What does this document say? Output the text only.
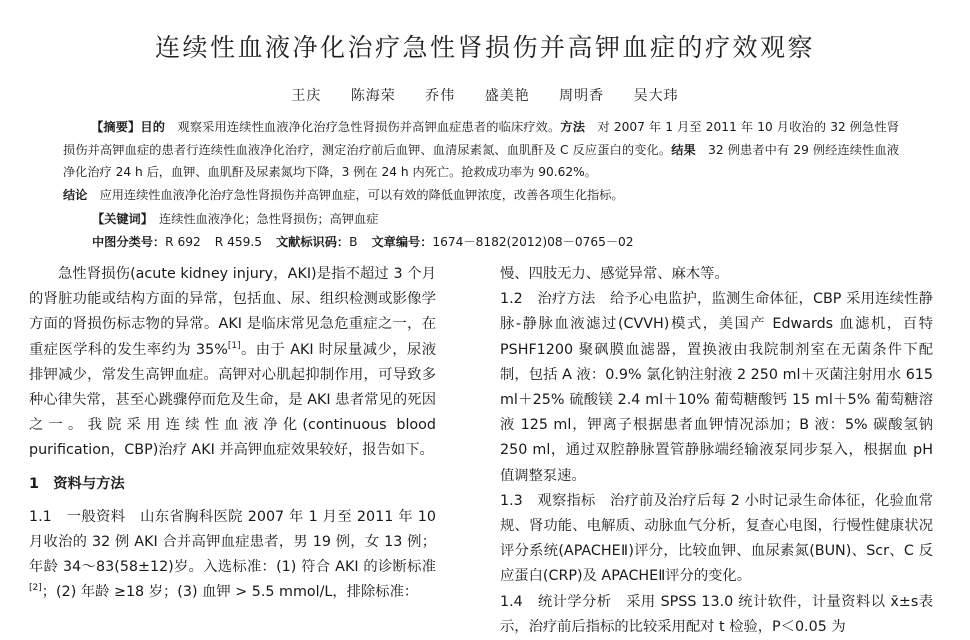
连续性血液净化治疗急性肾损伤并高钾血症的疗效观察
王庆 陈海荣 乔伟 盛美艳 周明香 吴大玮

【摘要】目的　 观察采用连续性血液净化治疗急性肾损伤并高钾血症患者的临床疗效。方法　 对 2007 年 1 月至 2011 年 10 月收治的 32 例急性肾损伤并高钾血症的患者行连续性血液净化治疗，测定治疗前后血钾、血清尿素氮、血肌酐及 C 反应蛋白的变化。结果　 32 例患者中有 29 例经连续性血液净化治疗 24 h 后，血钾、血肌酐及尿素氮均下降，3 例在 24 h 内死亡。抢救成功率为 90.62%。
结论　 应用连续性血液净化治疗急性肾损伤并高钾血症，可以有效的降低血钾浓度，改善各项生化指标。

【关键词】　 连续性血液净化；急性肾损伤；高钾血症
中图分类号：R 692 R 459.5 文献标识码：B 文章编号：1674－8182(2012)08－0765－02

急性肾损伤(acute kidney injury，AKI)是指不超过 3 个月的肾脏功能或结构方面的异常，包括血、尿、组织检测或影像学方面的肾损伤标志物的异常。AKI 是临床常见急危重症之一，在重症医学科的发生率约为 35%[1]。由于 AKI 时尿量减少，尿液排钾减少，常发生高钾血症。高钾对心肌起抑制作用，可导致多种心律失常，甚至心跳骤停而危及生命，是 AKI 患者常见的死因之一。我院采用连续性血液净化(continuous blood purification，CBP)治疗 AKI 并高钾血症效果较好，报告如下。

1　资料与方法

1.1　一般资料　山东省胸科医院 2007 年 1 月至 2011 年 10 月收治的 32 例 AKI 合并高钾血症患者，男 19 例，女 13 例；年龄 34～83(58±12)岁。入选标准：(1) 符合 AKI 的诊断标准[2]；(2) 年龄 ≥18 岁；(3) 血钾 > 5.5 mmol/L，排除标准：

慢、四肢无力、感觉异常、麻木等。

1.2　治疗方法　给予心电监护，监测生命体征，CBP 采用连续性静脉-静脉血液滤过(CVVH)模式，美国产 Edwards 血滤机，百特 PSHF1200 聚砜膜血滤器，置换液由我院制剂室在无菌条件下配制，包括 A 液：0.9% 氯化钠注射液 2 250 ml＋灭菌注射用水 615 ml＋25% 硫酸镁 2.4 ml＋10% 葡萄糖酸钙 15 ml＋5% 葡萄糖溶液 125 ml，钾离子根据患者血钾情况添加；B 液：5% 碳酸氢钠 250 ml，通过双腔静脉置管静脉端经输液泵同步泵入，根据血 pH 值调整泵速。

1.3　观察指标　治疗前及治疗后每 2 小时记录生命体征，化验血常规、肾功能、电解质、动脉血气分析，复查心电图，行慢性健康状况评分系统(APACHEⅡ)评分，比较血钾、血尿素氮(BUN)、Scr、C 反应蛋白(CRP)及 APACHEⅡ评分的变化。

1.4　统计学分析　采用 SPSS 13.0 统计软件，计量资料以 x̄±s表示，治疗前后指标的比较采用配对 t 检验，P＜0.05 为
